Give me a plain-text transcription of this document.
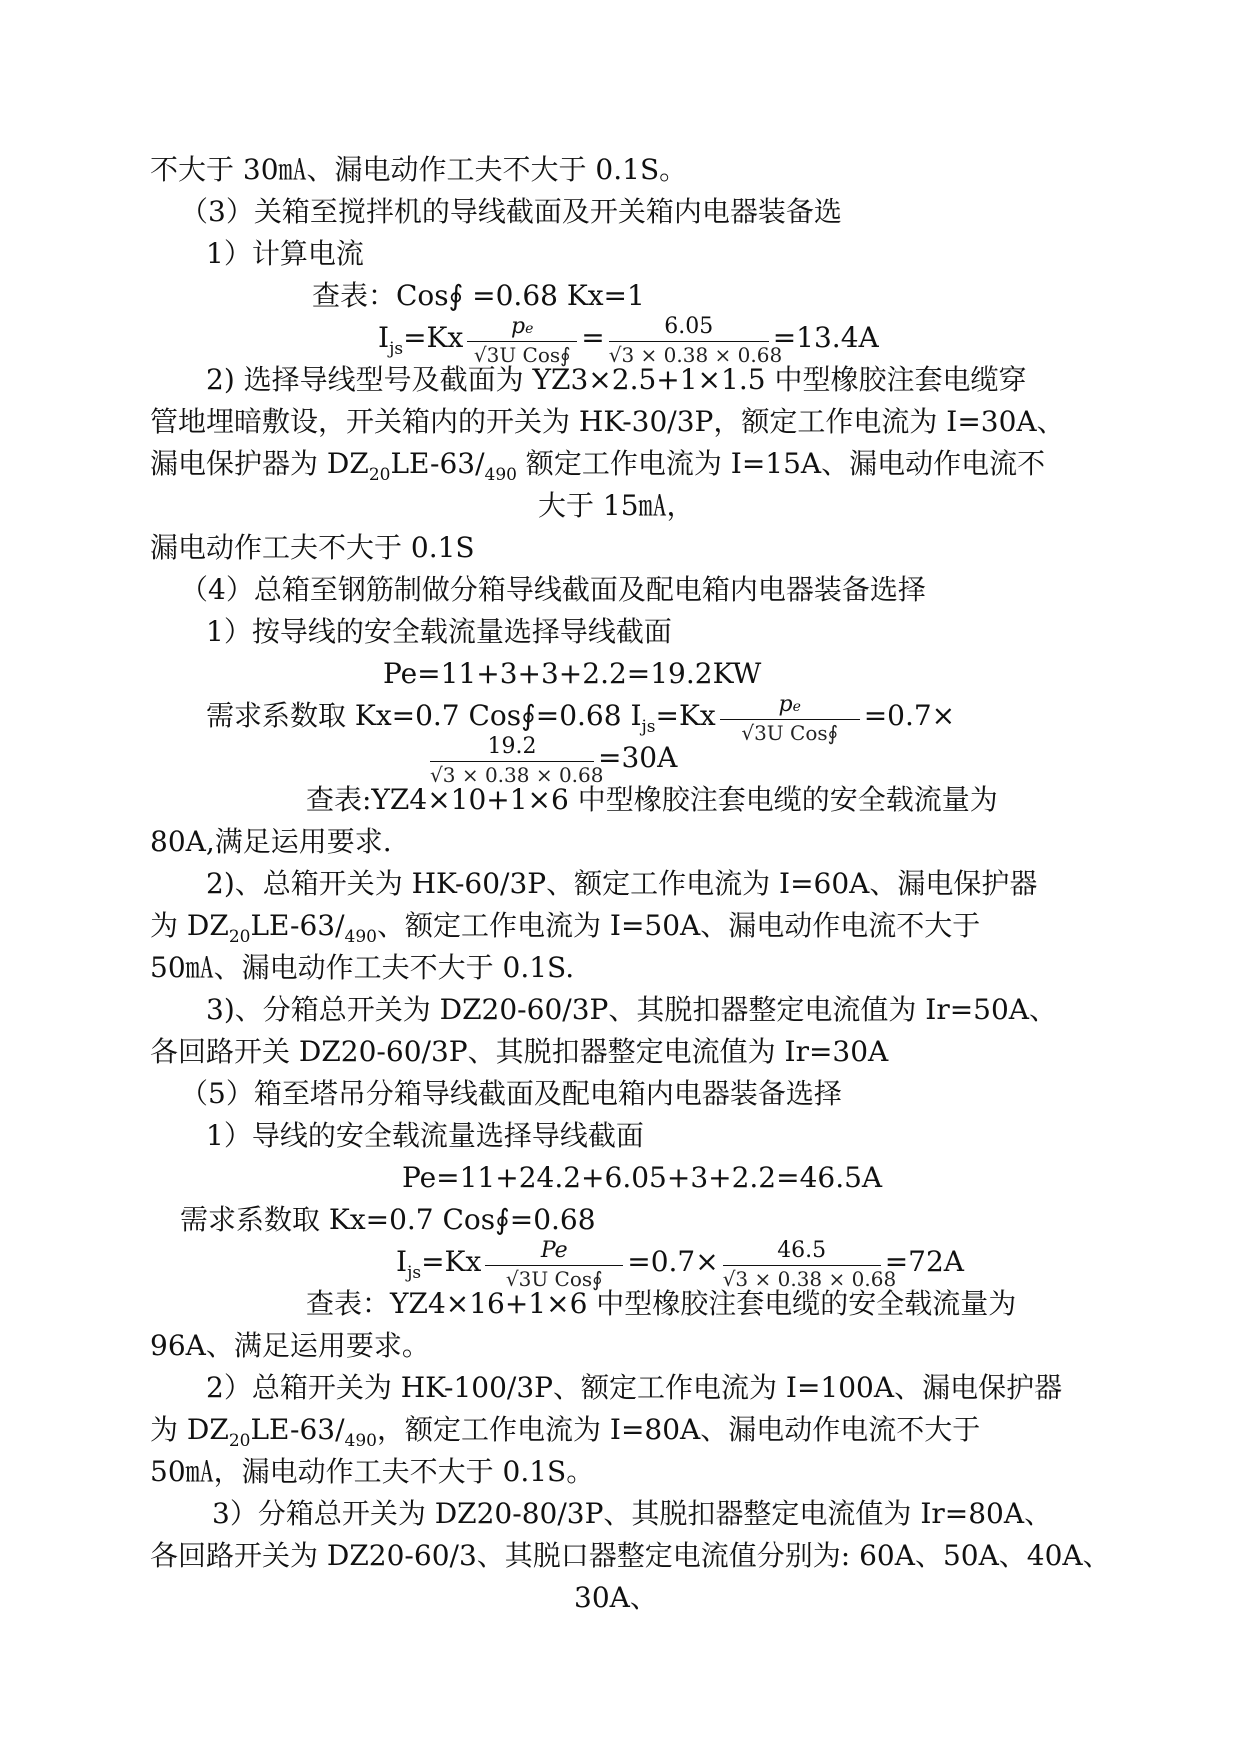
不大于 30㎃、漏电动作工夫不大于 0.1S。
（3）关箱至搅拌机的导线截面及开关箱内电器装备选
1）计算电流
查表：Cos∮ =0.68 Kx=1
$I_{js}=Kx \frac{pe}{\text{√3U Cos∮}} = \frac{6.05}{√3 \times 0.38 \times 0.68} =13.4A$
2) 选择导线型号及截面为 YZ3×2.5+1×1.5 中型橡胶注套电缆穿
管地埋暗敷设，开关箱内的开关为 HK-30/3P，额定工作电流为 I=30A、
漏电保护器为 $DZ_{20}LE-63/_{490}$ 额定工作电流为 I=15A、漏电动作电流不
大于 15㎃，
漏电动作工夫不大于 0.1S
（4）总箱至钢筋制做分箱导线截面及配电箱内电器装备选择
1）按导线的安全载流量选择导线截面
Pe=11+3+3+2.2=19.2KW
需求系数取 Kx=0.7 Cos∮=0.68 $I_{js}=Kx \frac{pe}{\text{√3U Cos∮}} =0.7\times$
$\frac{19.2}{√3 \times 0.38 \times 0.68} =30A$
查表:YZ4×10+1×6 中型橡胶注套电缆的安全载流量为
80A,满足运用要求.
2)、总箱开关为 HK-60/3P、额定工作电流为 I=60A、漏电保护器
为 $DZ_{20}LE-63/_{490}$、额定工作电流为 I=50A、漏电动作电流不大于
50㎃、漏电动作工夫不大于 0.1S.
3)、分箱总开关为 DZ20-60/3P、其脱扣器整定电流值为 Ir=50A、
各回路开关 DZ20-60/3P、其脱扣器整定电流值为 Ir=30A
（5）箱至塔吊分箱导线截面及配电箱内电器装备选择
1）导线的安全载流量选择导线截面
Pe=11+24.2+6.05+3+2.2=46.5A
需求系数取 Kx=0.7 Cos∮=0.68
$I_{js}=Kx \frac{Pe}{\text{√3U Cos∮}} =0.7\times \frac{46.5}{√3 \times 0.38 \times 0.68} =72A$
查表：YZ4×16+1×6 中型橡胶注套电缆的安全载流量为
96A、满足运用要求。
2）总箱开关为 HK-100/3P、额定工作电流为 I=100A、漏电保护器
为 $DZ_{20}LE-63/_{490}$，额定工作电流为 I=80A、漏电动作电流不大于
50㎃，漏电动作工夫不大于 0.1S。
3）分箱总开关为 DZ20-80/3P、其脱扣器整定电流值为 Ir=80A、
各回路开关为 DZ20-60/3、其脱口器整定电流值分别为: 60A、50A、40A、
30A、
